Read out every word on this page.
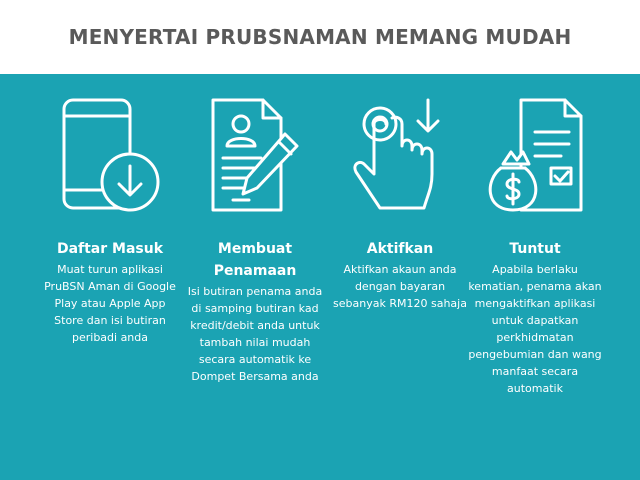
MENYERTAI PRUBSNAMAN MEMANG MUDAH
Daftar Masuk

Muat turun aplikasi PruBSN Aman di Google Play atau Apple App Store dan isi butiran peribadi anda

Membuat Penamaan

Isi butiran penama anda di samping butiran kad kredit/debit anda untuk tambah nilai mudah secara automatik ke Dompet Bersama anda

Aktifkan

Aktifkan akaun anda dengan bayaran sebanyak RM120 sahaja

Tuntut

Apabila berlaku kematian, penama akan mengaktifkan aplikasi untuk dapatkan perkhidmatan pengebumian dan wang manfaat secara automatik
